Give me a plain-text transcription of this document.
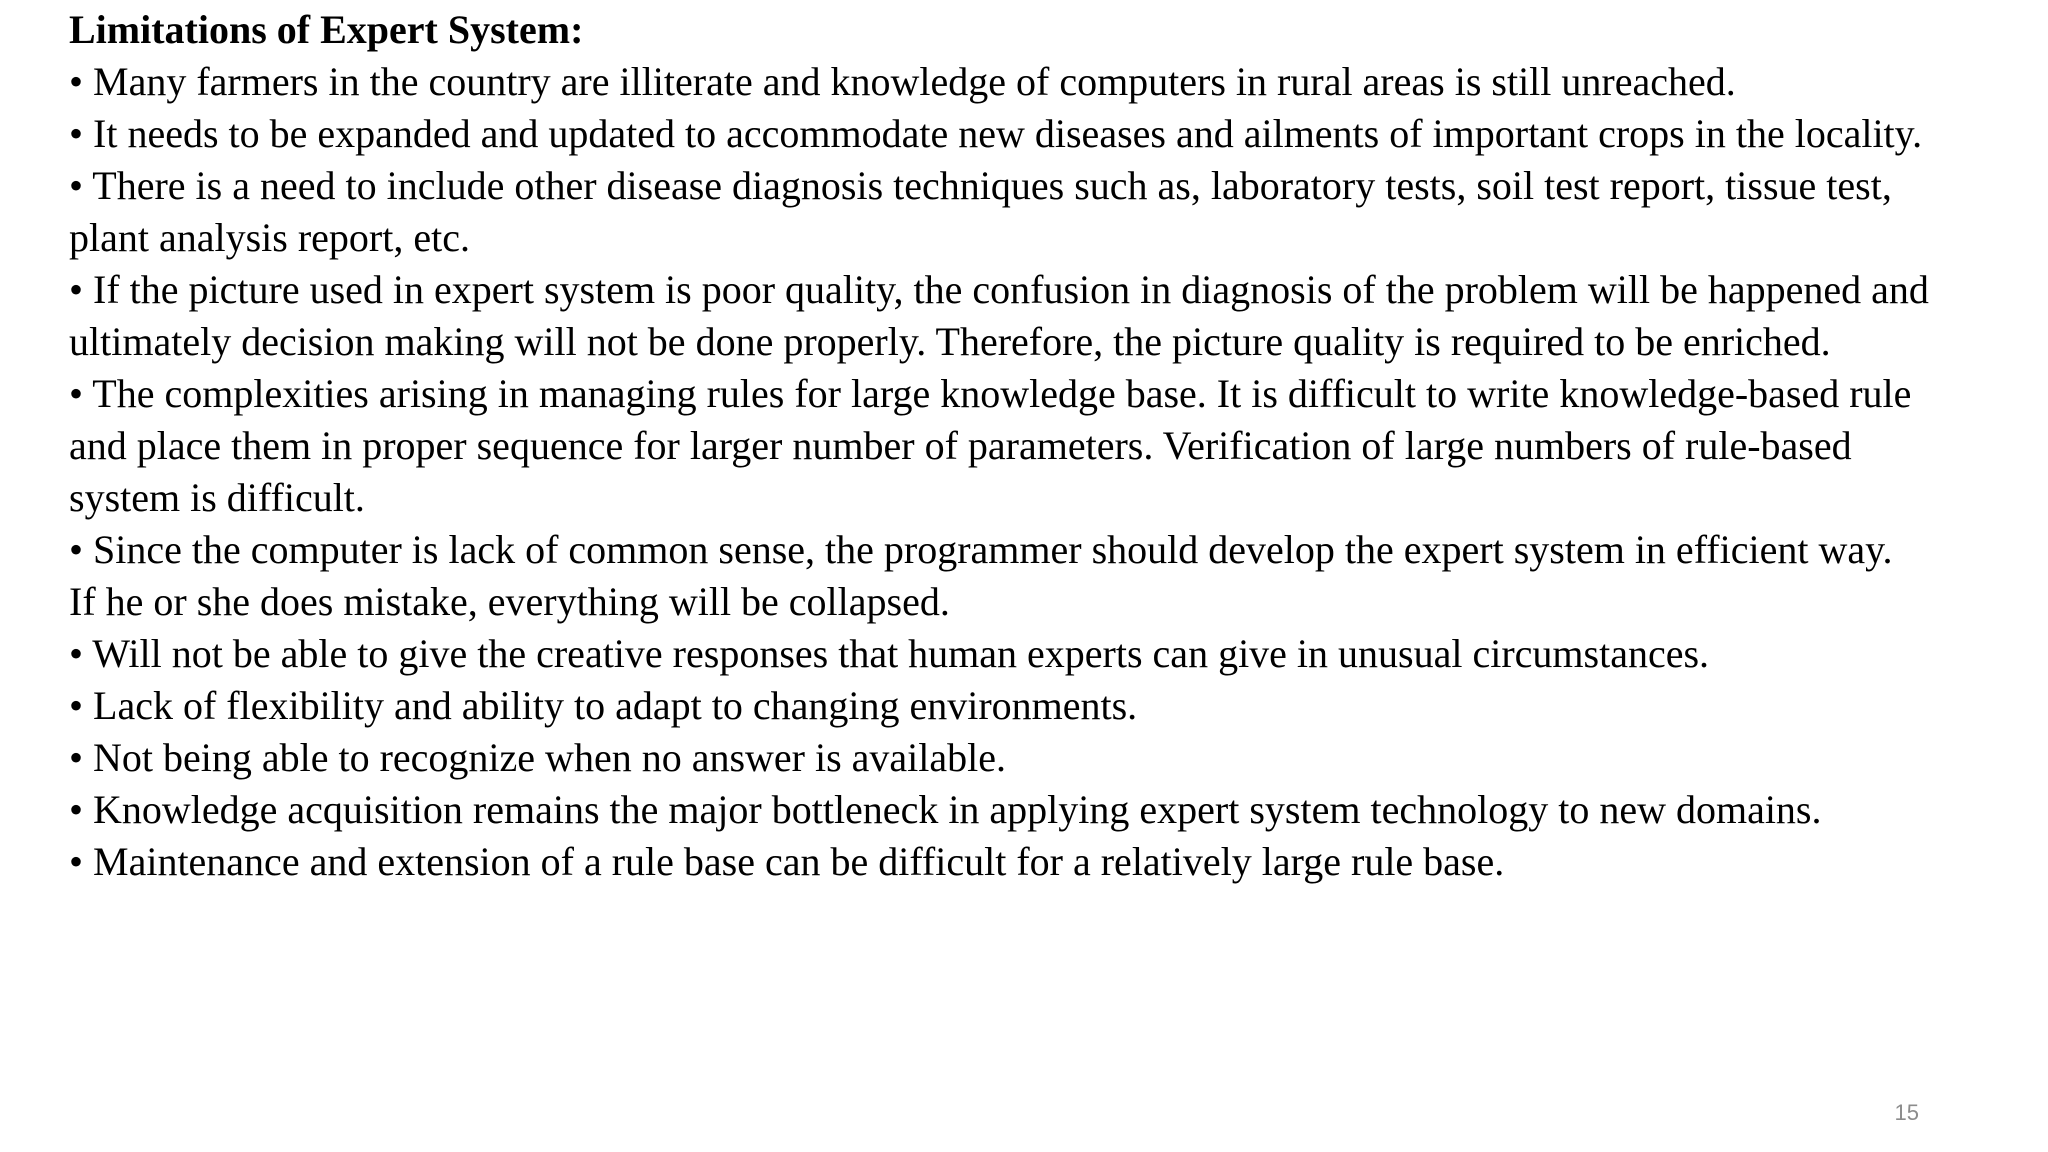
Limitations of Expert System:

• Many farmers in the country are illiterate and knowledge of computers in rural areas is still unreached.

• It needs to be expanded and updated to accommodate new diseases and ailments of important crops in the locality.

• There is a need to include other disease diagnosis techniques such as, laboratory tests, soil test report, tissue test, plant analysis report, etc.

• If the picture used in expert system is poor quality, the confusion in diagnosis of the problem will be happened and ultimately decision making will not be done properly. Therefore, the picture quality is required to be enriched.

• The complexities arising in managing rules for large knowledge base. It is difficult to write knowledge-based rule and place them in proper sequence for larger number of parameters. Verification of large numbers of rule-based system is difficult.

• Since the computer is lack of common sense, the programmer should develop the expert system in efficient way. If he or she does mistake, everything will be collapsed.

• Will not be able to give the creative responses that human experts can give in unusual circumstances.

• Lack of flexibility and ability to adapt to changing environments.

• Not being able to recognize when no answer is available.

• Knowledge acquisition remains the major bottleneck in applying expert system technology to new domains.

• Maintenance and extension of a rule base can be difficult for a relatively large rule base.

15
